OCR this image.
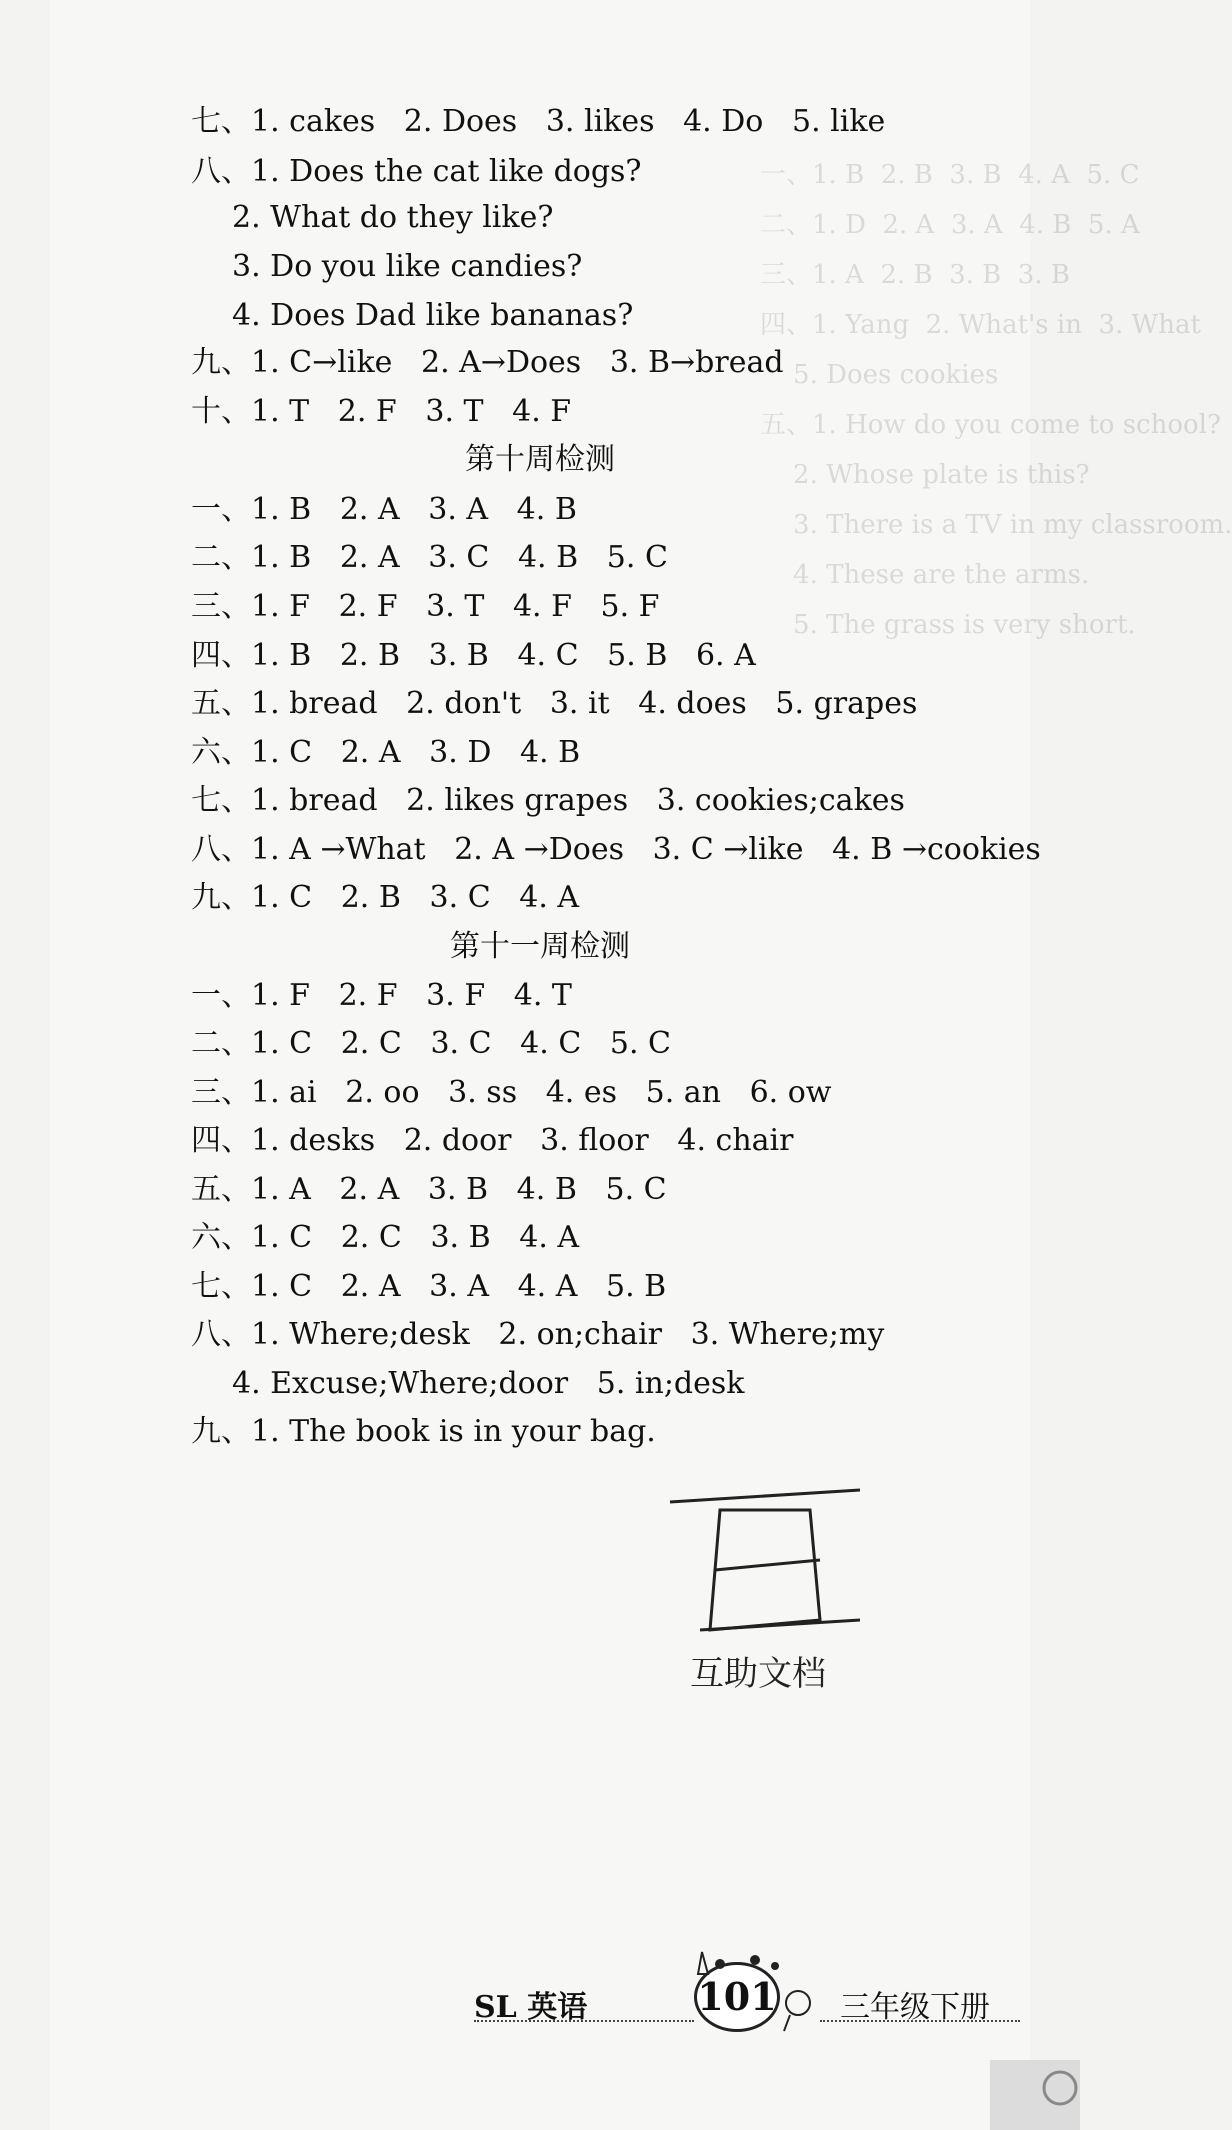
一、1. B  2. B  3. B  4. A  5. C
二、1. D  2. A  3. A  4. B  5. A
三、1. A  2. B  3. B  3. B
四、1. Yang  2. What's in  3. What
5. Does cookies
五、1. How do you come to school?
2. Whose plate is this?
3. There is a TV in my classroom.
4. These are the arms.
5. The grass is very short.
七、1. cakes   2. Does   3. likes   4. Do   5. like
八、1. Does the cat like dogs?
2. What do they like?
3. Do you like candies?
4. Does Dad like bananas?
九、1. C→like   2. A→Does   3. B→bread
十、1. T   2. F   3. T   4. F
第十周检测
一、1. B   2. A   3. A   4. B
二、1. B   2. A   3. C   4. B   5. C
三、1. F   2. F   3. T   4. F   5. F
四、1. B   2. B   3. B   4. C   5. B   6. A
五、1. bread   2. don't   3. it   4. does   5. grapes
六、1. C   2. A   3. D   4. B
七、1. bread   2. likes grapes   3. cookies;cakes
八、1. A →What   2. A →Does   3. C →like   4. B →cookies
九、1. C   2. B   3. C   4. A
第十一周检测
一、1. F   2. F   3. F   4. T
二、1. C   2. C   3. C   4. C   5. C
三、1. ai   2. oo   3. ss   4. es   5. an   6. ow
四、1. desks   2. door   3. floor   4. chair
五、1. A   2. A   3. B   4. B   5. C
六、1. C   2. C   3. B   4. A
七、1. C   2. A   3. A   4. A   5. B
八、1. Where;desk   2. on;chair   3. Where;my
4. Excuse;Where;door   5. in;desk
九、1. The book is in your bag.
互助文档
SL 英语	101 三年级下册
